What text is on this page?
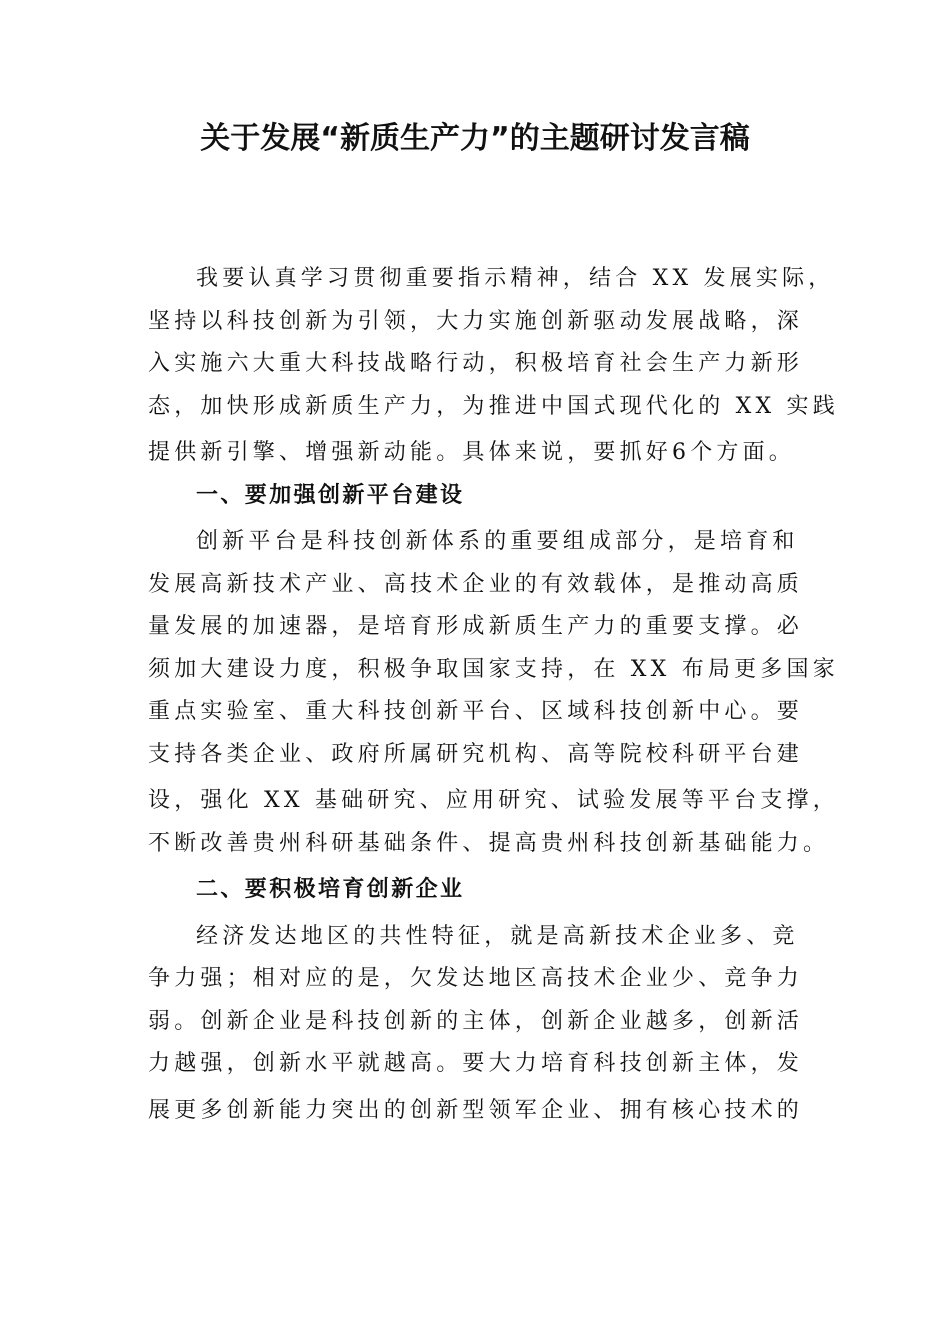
关于发展“新质生产力”的主题研讨发言稿
我要认真学习贯彻重要指示精神，结合 XX 发展实际，
坚持以科技创新为引领，大力实施创新驱动发展战略，深
入实施六大重大科技战略行动，积极培育社会生产力新形
态，加快形成新质生产力，为推进中国式现代化的 XX 实践
提供新引擎、增强新动能。具体来说，要抓好6个方面。
一、要加强创新平台建设
创新平台是科技创新体系的重要组成部分，是培育和
发展高新技术产业、高技术企业的有效载体，是推动高质
量发展的加速器，是培育形成新质生产力的重要支撑。必
须加大建设力度，积极争取国家支持，在 XX 布局更多国家
重点实验室、重大科技创新平台、区域科技创新中心。要
支持各类企业、政府所属研究机构、高等院校科研平台建
设，强化 XX 基础研究、应用研究、试验发展等平台支撑，
不断改善贵州科研基础条件、提高贵州科技创新基础能力。
二、要积极培育创新企业
经济发达地区的共性特征，就是高新技术企业多、竞
争力强；相对应的是，欠发达地区高技术企业少、竞争力
弱。创新企业是科技创新的主体，创新企业越多，创新活
力越强，创新水平就越高。要大力培育科技创新主体，发
展更多创新能力突出的创新型领军企业、拥有核心技术的
